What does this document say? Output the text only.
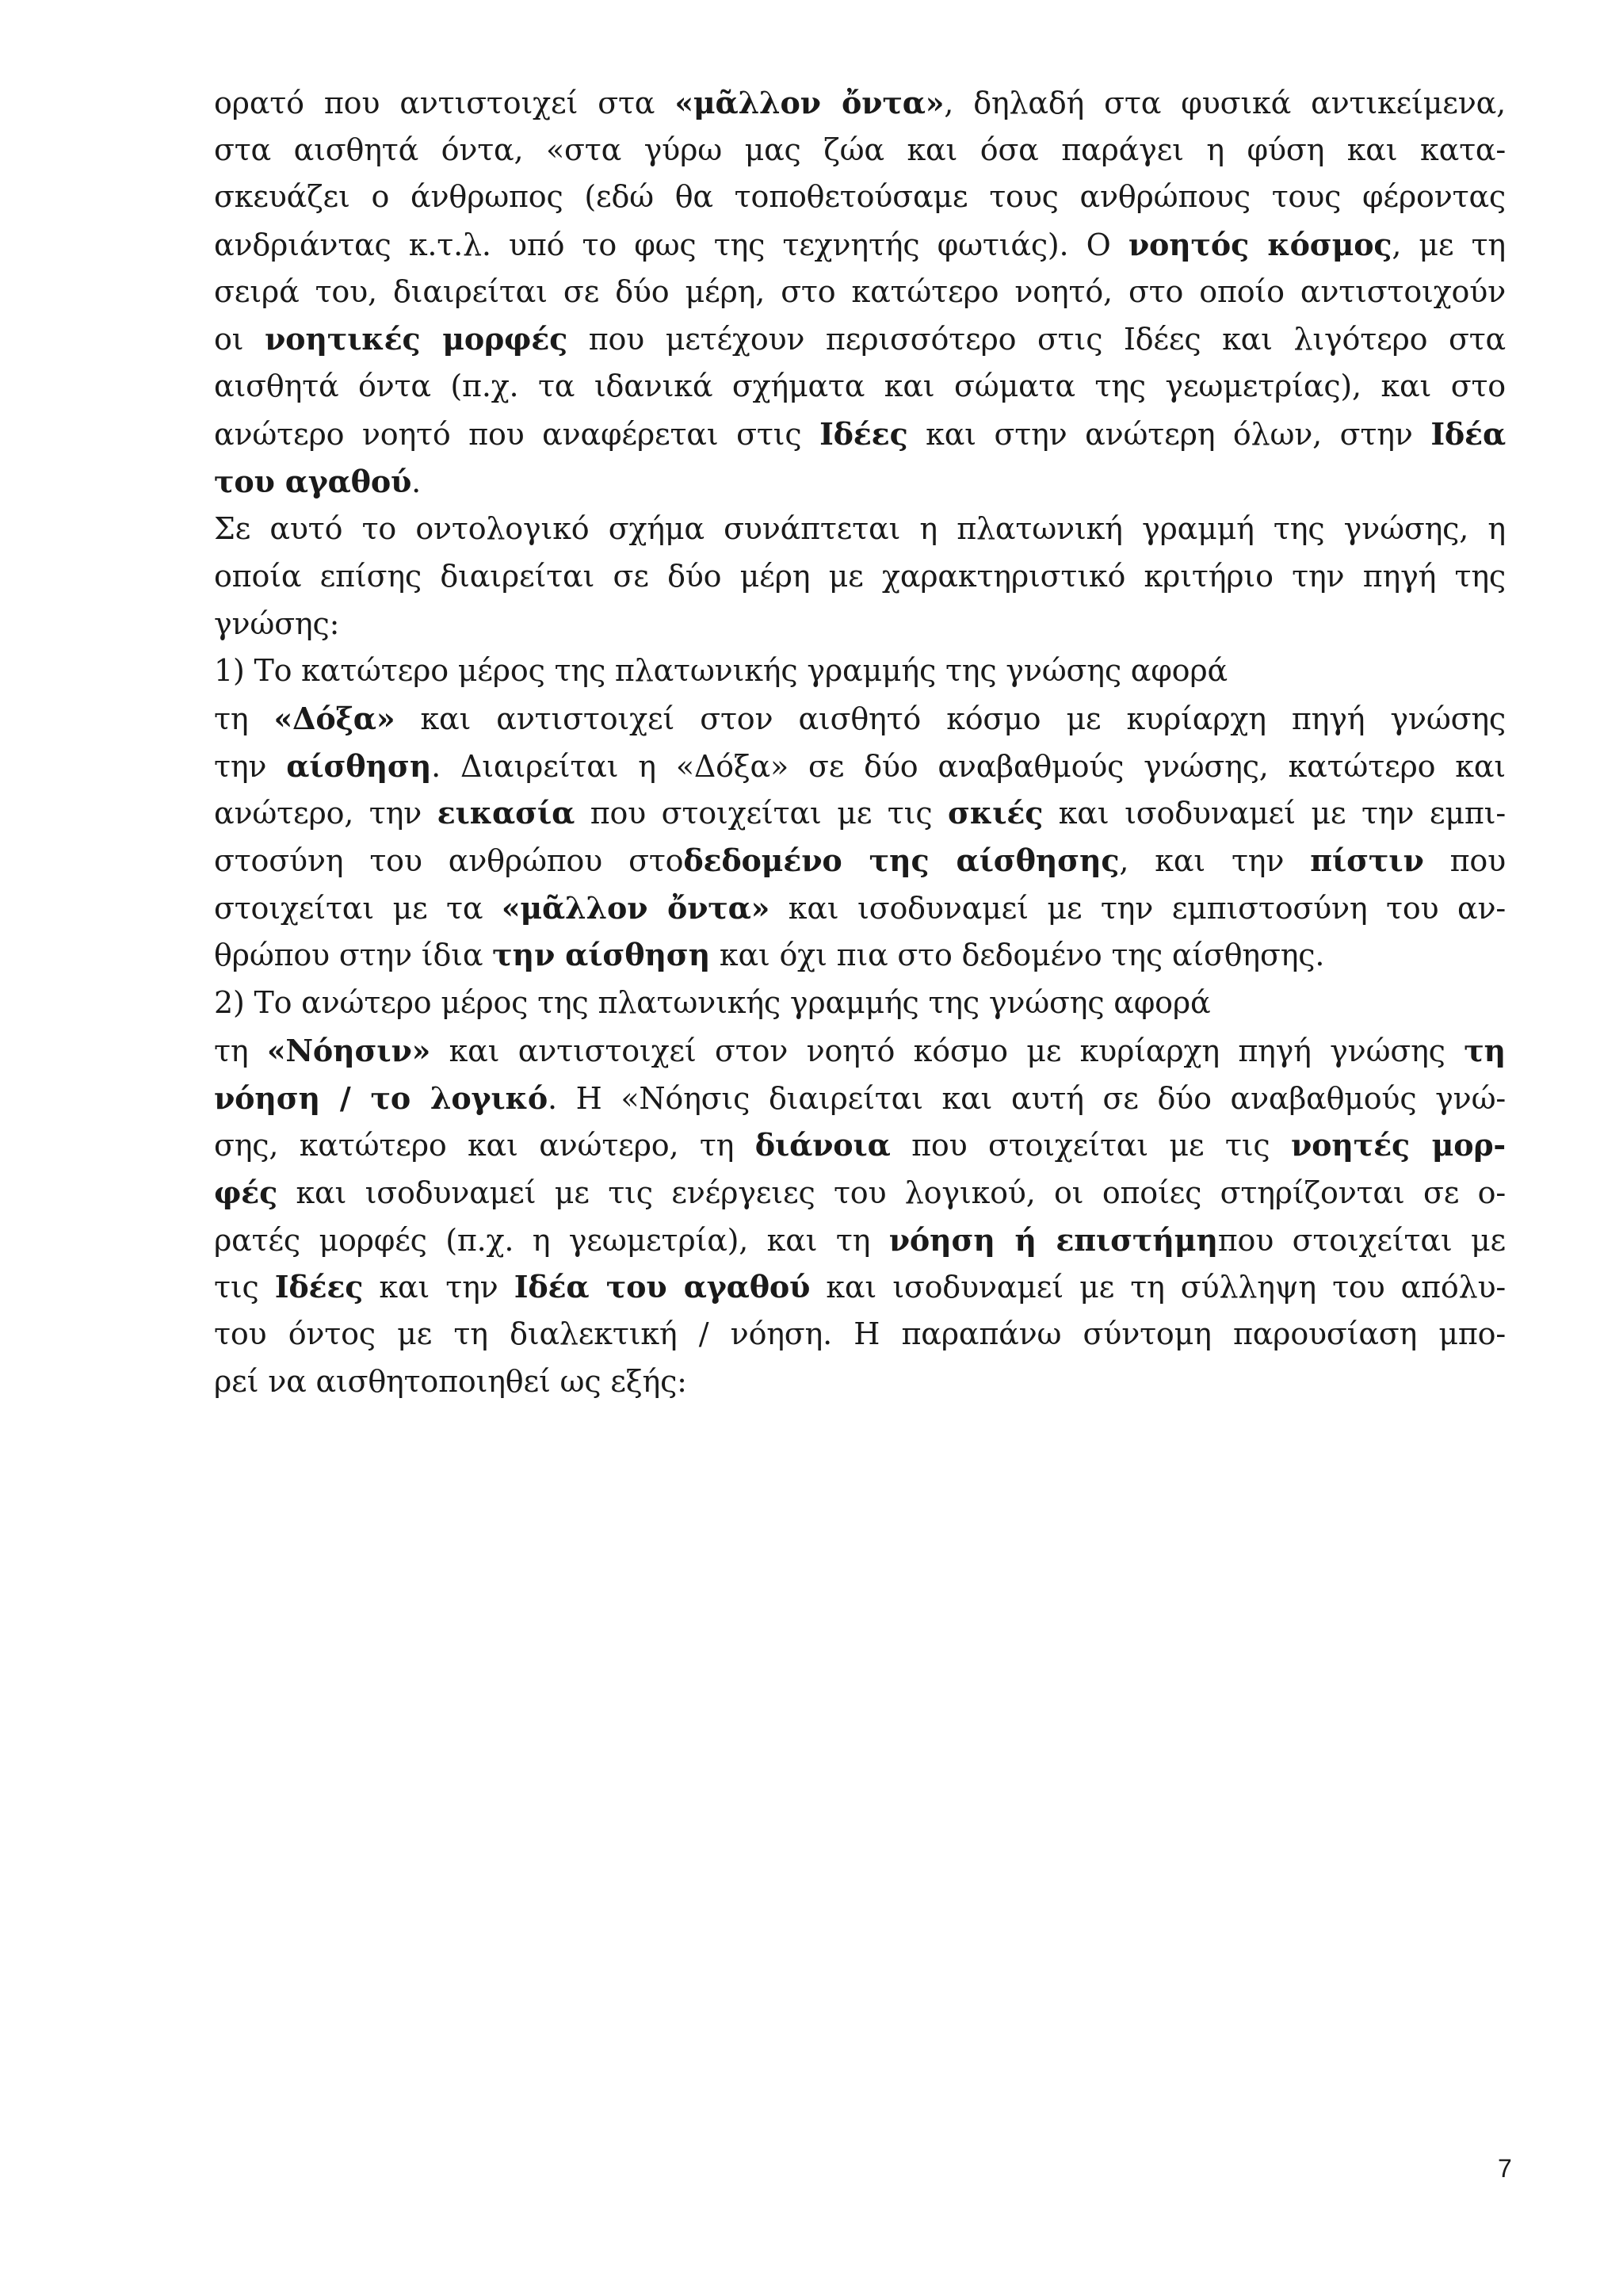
ορατό που αντιστοιχεί στα «μᾶλλον ὄντα», δηλαδή στα φυσικά αντικείμενα,
στα αισθητά όντα, «στα γύρω μας ζώα και όσα παράγει η φύση και κατα-
σκευάζει ο άνθρωπος (εδώ θα τοποθετούσαμε τους ανθρώπους τους φέροντας
ανδριάντας κ.τ.λ. υπό το φως της τεχνητής φωτιάς). Ο νοητός κόσμος, με τη
σειρά του, διαιρείται σε δύο μέρη, στο κατώτερο νοητό, στο οποίο αντιστοιχούν
οι νοητικές μορφές που μετέχουν περισσότερο στις Ιδέες και λιγότερο στα
αισθητά όντα (π.χ. τα ιδανικά σχήματα και σώματα της γεωμετρίας), και στο
ανώτερο νοητό που αναφέρεται στις Ιδέες και στην ανώτερη όλων, στην Ιδέα
του αγαθού.
Σε αυτό το οντολογικό σχήμα συνάπτεται η πλατωνική γραμμή της γνώσης, η
οποία επίσης διαιρείται σε δύο μέρη με χαρακτηριστικό κριτήριο την πηγή της
γνώσης:
1) Το κατώτερο μέρος της πλατωνικής γραμμής της γνώσης αφορά
τη «Δόξα» και αντιστοιχεί στον αισθητό κόσμο με κυρίαρχη πηγή γνώσης
την αίσθηση. Διαιρείται η «Δόξα» σε δύο αναβαθμούς γνώσης, κατώτερο και
ανώτερο, την εικασία που στοιχείται με τις σκιές και ισοδυναμεί με την εμπι-
στοσύνη του ανθρώπου στοδεδομένο της αίσθησης, και την πίστιν που
στοιχείται με τα «μᾶλλον ὄντα» και ισοδυναμεί με την εμπιστοσύνη του αν-
θρώπου στην ίδια την αίσθηση και όχι πια στο δεδομένο της αίσθησης.
2) Το ανώτερο μέρος της πλατωνικής γραμμής της γνώσης αφορά
τη «Νόησιν» και αντιστοιχεί στον νοητό κόσμο με κυρίαρχη πηγή γνώσης τη
νόηση / το λογικό. Η «Νόησις διαιρείται και αυτή σε δύο αναβαθμούς γνώ-
σης, κατώτερο και ανώτερο, τη διάνοια που στοιχείται με τις νοητές μορ-
φές και ισοδυναμεί με τις ενέργειες του λογικού, οι οποίες στηρίζονται σε ο-
ρατές μορφές (π.χ. η γεωμετρία), και τη νόηση ή επιστήμηπου στοιχείται με
τις Ιδέες και την Ιδέα του αγαθού και ισοδυναμεί με τη σύλληψη του απόλυ-
του όντος με τη διαλεκτική / νόηση. Η παραπάνω σύντομη παρουσίαση μπο-
ρεί να αισθητοποιηθεί ως εξής:
7
